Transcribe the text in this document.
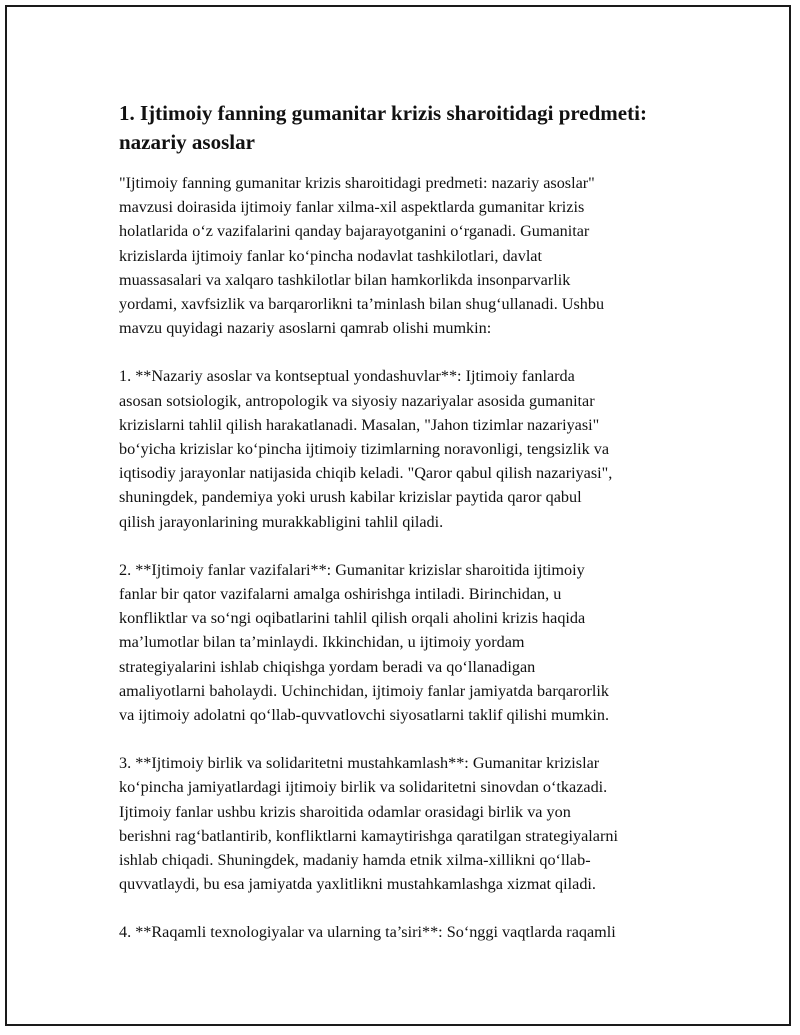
1. Ijtimoiy fanning gumanitar krizis sharoitidagi predmeti:
nazariy asoslar

"Ijtimoiy fanning gumanitar krizis sharoitidagi predmeti: nazariy asoslar"
mavzusi doirasida ijtimoiy fanlar xilma-xil aspektlarda gumanitar krizis
holatlarida o‘z vazifalarini qanday bajarayotganini o‘rganadi. Gumanitar
krizislarda ijtimoiy fanlar ko‘pincha nodavlat tashkilotlari, davlat
muassasalari va xalqaro tashkilotlar bilan hamkorlikda insonparvarlik
yordami, xavfsizlik va barqarorlikni ta’minlash bilan shug‘ullanadi. Ushbu
mavzu quyidagi nazariy asoslarni qamrab olishi mumkin:

1. **Nazariy asoslar va kontseptual yondashuvlar**: Ijtimoiy fanlarda
asosan sotsiologik, antropologik va siyosiy nazariyalar asosida gumanitar
krizislarni tahlil qilish harakatlanadi. Masalan, "Jahon tizimlar nazariyasi"
bo‘yicha krizislar ko‘pincha ijtimoiy tizimlarning noravonligi, tengsizlik va
iqtisodiy jarayonlar natijasida chiqib keladi. "Qaror qabul qilish nazariyasi",
shuningdek, pandemiya yoki urush kabilar krizislar paytida qaror qabul
qilish jarayonlarining murakkabligini tahlil qiladi.

2. **Ijtimoiy fanlar vazifalari**: Gumanitar krizislar sharoitida ijtimoiy
fanlar bir qator vazifalarni amalga oshirishga intiladi. Birinchidan, u
konfliktlar va so‘ngi oqibatlarini tahlil qilish orqali aholini krizis haqida
ma’lumotlar bilan ta’minlaydi. Ikkinchidan, u ijtimoiy yordam
strategiyalarini ishlab chiqishga yordam beradi va qo‘llanadigan
amaliyotlarni baholaydi. Uchinchidan, ijtimoiy fanlar jamiyatda barqarorlik
va ijtimoiy adolatni qo‘llab-quvvatlovchi siyosatlarni taklif qilishi mumkin.

3. **Ijtimoiy birlik va solidaritetni mustahkamlash**: Gumanitar krizislar
ko‘pincha jamiyatlardagi ijtimoiy birlik va solidaritetni sinovdan o‘tkazadi.
Ijtimoiy fanlar ushbu krizis sharoitida odamlar orasidagi birlik va yon
berishni rag‘batlantirib, konfliktlarni kamaytirishga qaratilgan strategiyalarni
ishlab chiqadi. Shuningdek, madaniy hamda etnik xilma-xillikni qo‘llab-
quvvatlaydi, bu esa jamiyatda yaxlitlikni mustahkamlashga xizmat qiladi.

4. **Raqamli texnologiyalar va ularning ta’siri**: So‘nggi vaqtlarda raqamli
